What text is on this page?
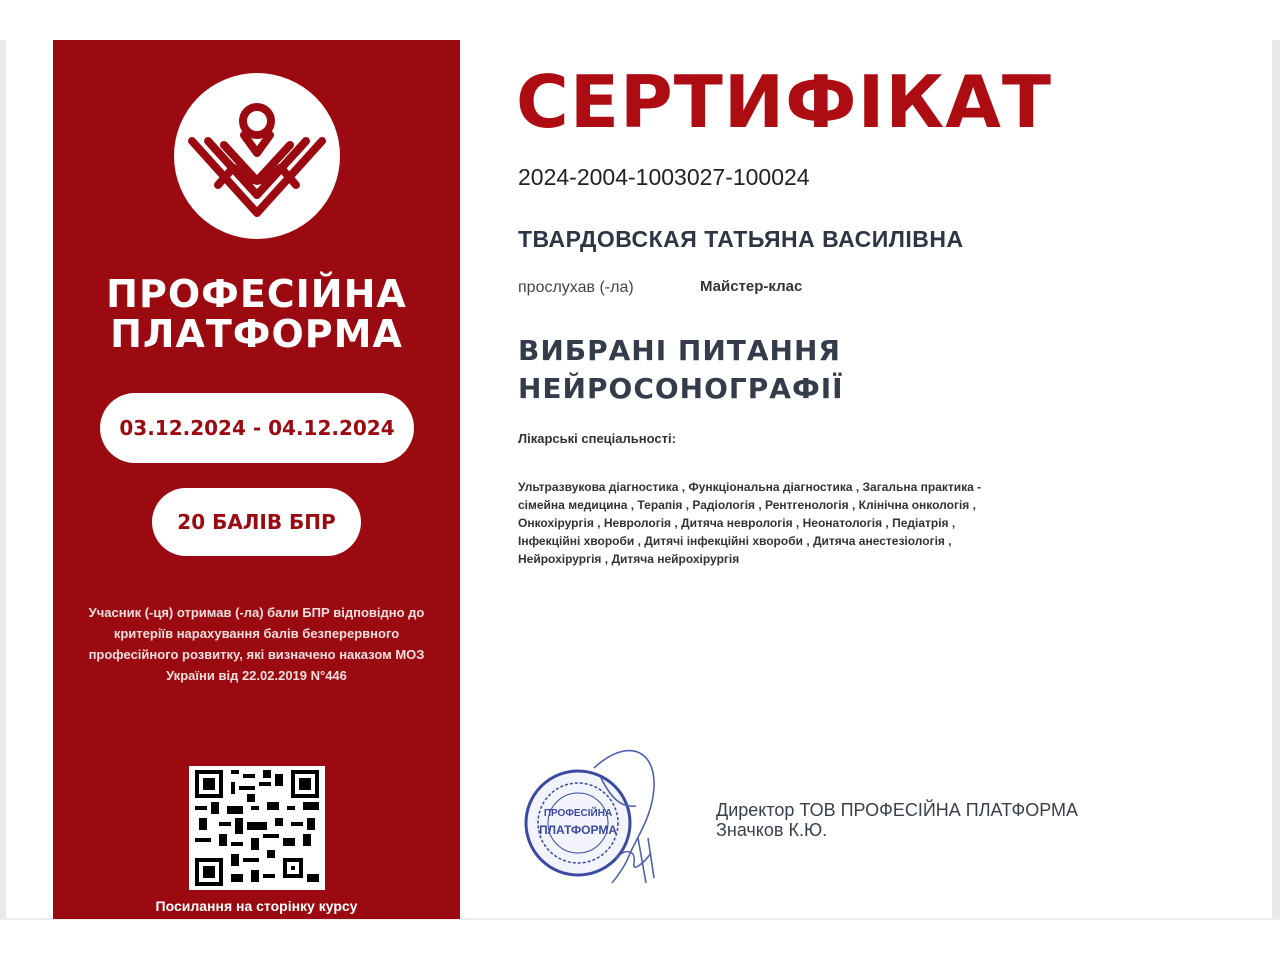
ПРОФЕСІЙНА
ПЛАТФОРМА
03.12.2024 - 04.12.2024
20 БАЛІВ БПР
Учасник (-ця) отримав (-ла) бали БПР відповідно до критеріїв нарахування балів безперервного професійного розвитку, які визначено наказом МОЗ України від 22.02.2019 N°446
Посилання на сторінку курсу
СЕРТИФІКАТ
2024-2004-1003027-100024
ТВАРДОВСКАЯ ТАТЬЯНА ВАСИЛІВНА
прослухав (-ла)	Майстер-клас
ВИБРАНІ ПИТАННЯ
НЕЙРОСОНОГРАФІЇ
Лікарські спеціальності:
Ультразвукова діагностика , Функціональна діагностика , Загальна практика - сімейна медицина , Терапія , Радіологія , Рентгенологія , Клінічна онкологія , Онкохірургія , Неврологія , Дитяча неврологія , Неонатологія , Педіатрія , Інфекційні хвороби , Дитячі інфекційні хвороби , Дитяча анестезіологія , Нейрохірургія , Дитяча нейрохірургія
ПРОФЕСІЙНА
ПЛАТФОРМА
Директор ТОВ ПРОФЕСІЙНА ПЛАТФОРМА
Значков К.Ю.
